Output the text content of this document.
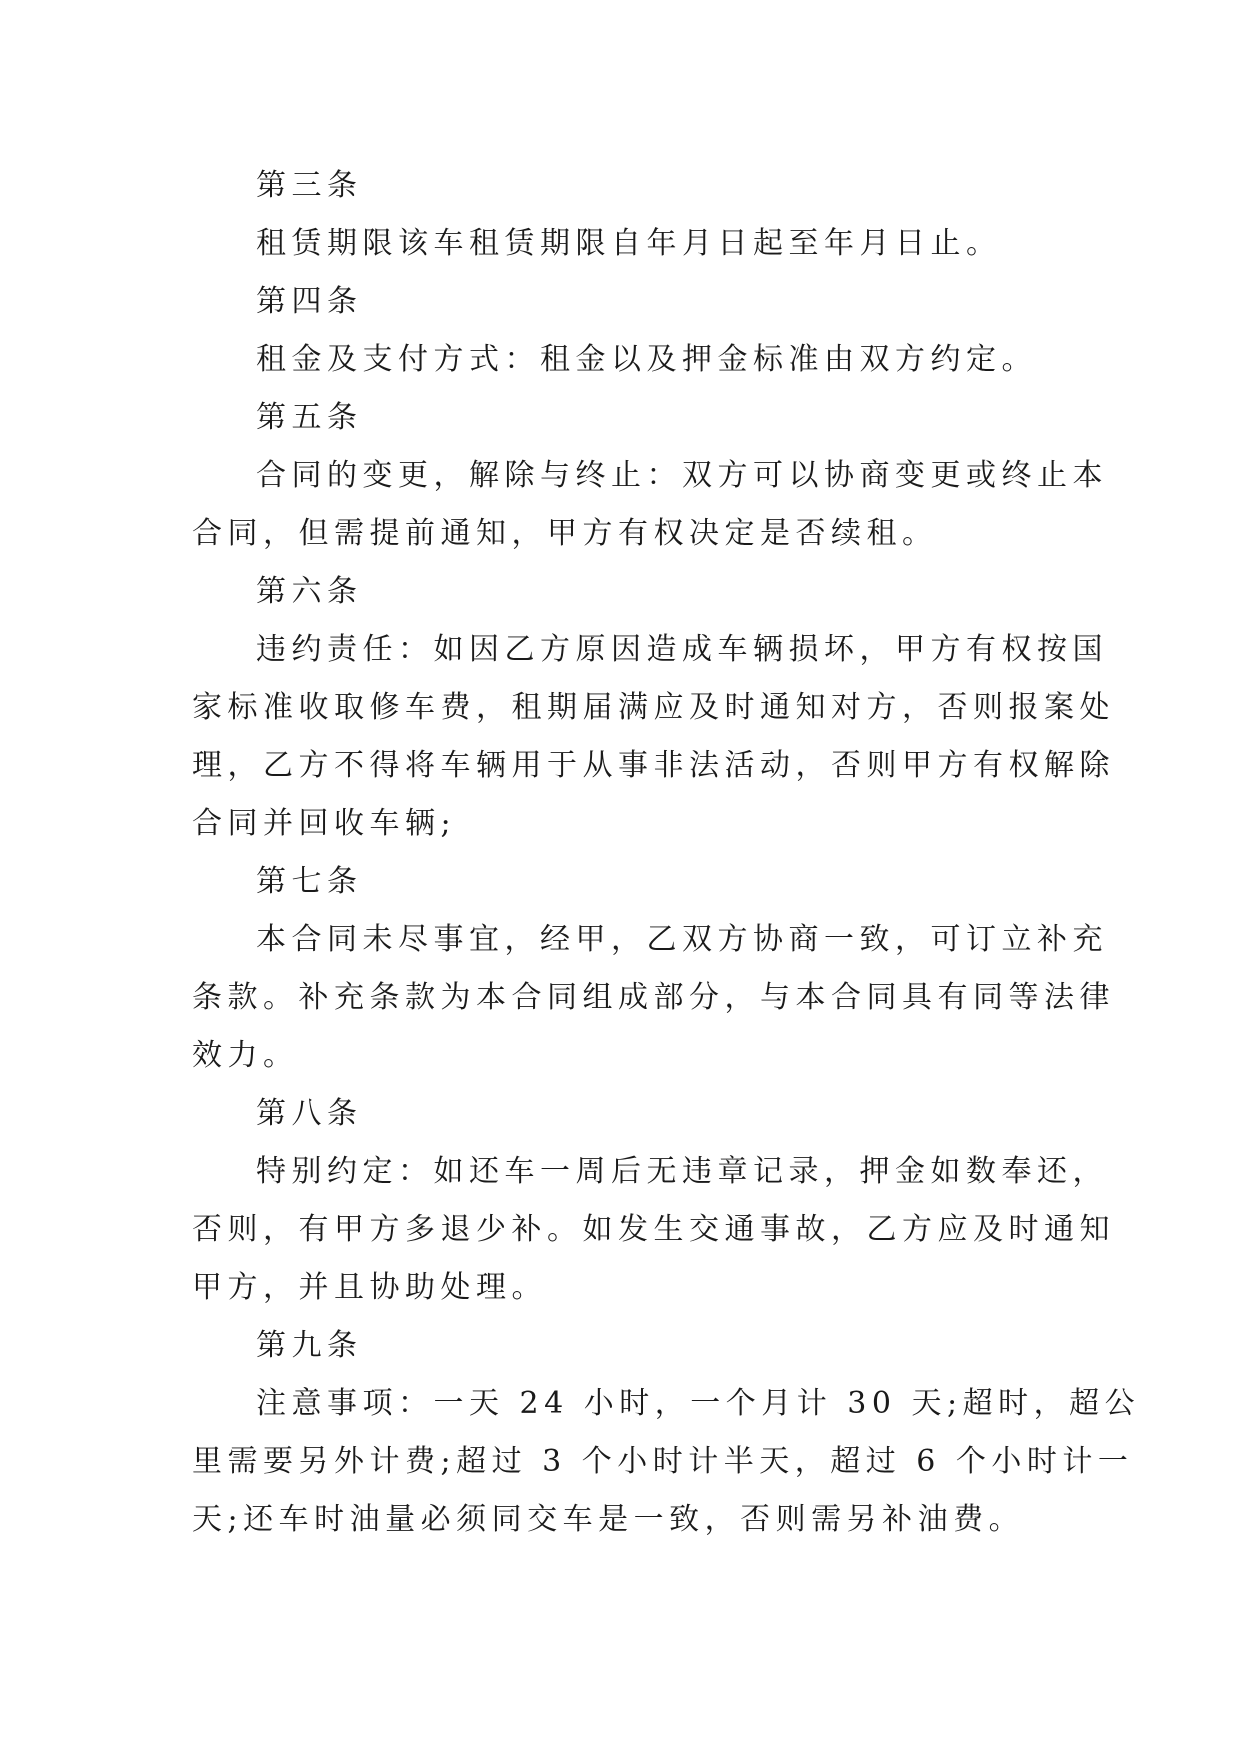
第三条
租赁期限该车租赁期限自年月日起至年月日止。
第四条
租金及支付方式：租金以及押金标准由双方约定。
第五条
合同的变更，解除与终止：双方可以协商变更或终止本
合同，但需提前通知，甲方有权决定是否续租。
第六条
违约责任：如因乙方原因造成车辆损坏，甲方有权按国
家标准收取修车费，租期届满应及时通知对方，否则报案处
理，乙方不得将车辆用于从事非法活动，否则甲方有权解除
合同并回收车辆;
第七条
本合同未尽事宜，经甲，乙双方协商一致，可订立补充
条款。补充条款为本合同组成部分，与本合同具有同等法律
效力。
第八条
特别约定：如还车一周后无违章记录，押金如数奉还，
否则，有甲方多退少补。如发生交通事故，乙方应及时通知
甲方，并且协助处理。
第九条
注意事项：一天 24 小时，一个月计 30 天;超时，超公
里需要另外计费;超过 3 个小时计半天，超过 6 个小时计一
天;还车时油量必须同交车是一致，否则需另补油费。
